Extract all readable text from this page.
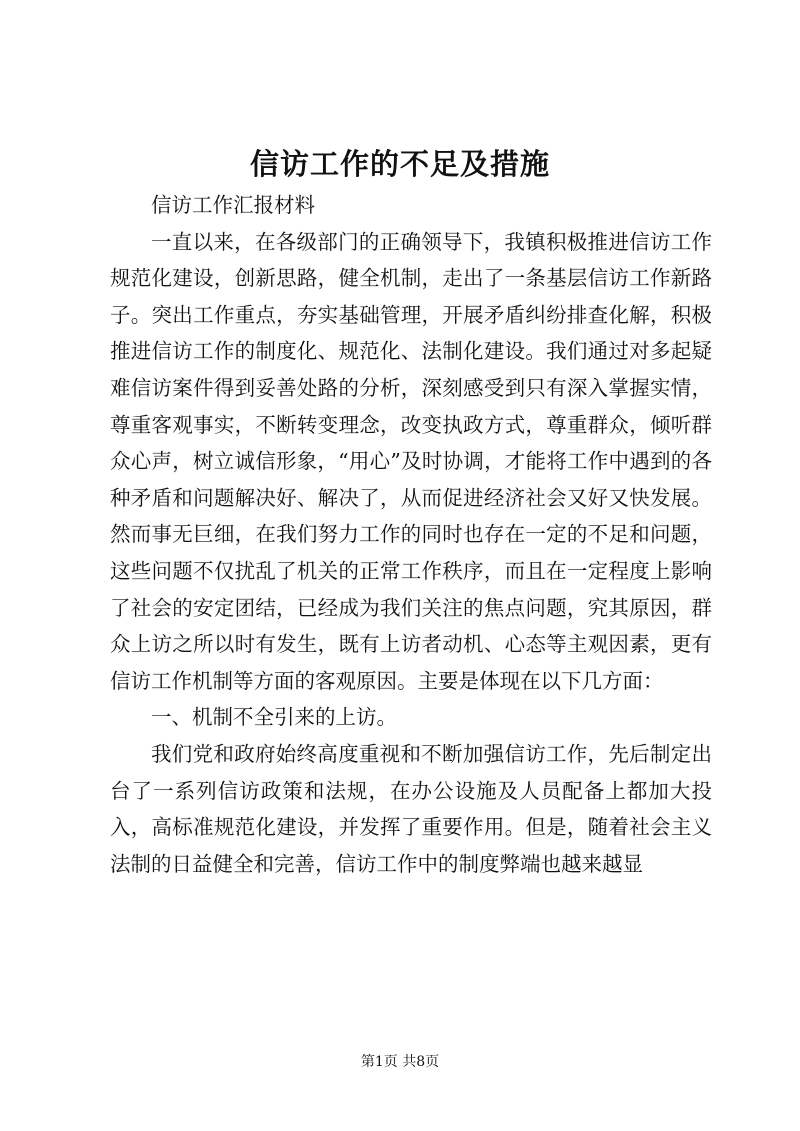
信访工作的不足及措施

信访工作汇报材料

一直以来，在各级部门的正确领导下，我镇积极推进信访工作规范化建设，创新思路，健全机制，走出了一条基层信访工作新路子。突出工作重点，夯实基础管理，开展矛盾纠纷排查化解，积极推进信访工作的制度化、规范化、法制化建设。我们通过对多起疑难信访案件得到妥善处路的分析，深刻感受到只有深入掌握实情，尊重客观事实，不断转变理念，改变执政方式，尊重群众，倾听群众心声，树立诚信形象，“用心”及时协调，才能将工作中遇到的各种矛盾和问题解决好、解决了，从而促进经济社会又好又快发展。然而事无巨细，在我们努力工作的同时也存在一定的不足和问题，这些问题不仅扰乱了机关的正常工作秩序，而且在一定程度上影响了社会的安定团结，已经成为我们关注的焦点问题，究其原因，群众上访之所以时有发生，既有上访者动机、心态等主观因素，更有信访工作机制等方面的客观原因。主要是体现在以下几方面：

一、机制不全引来的上访。

我们党和政府始终高度重视和不断加强信访工作，先后制定出台了一系列信访政策和法规，在办公设施及人员配备上都加大投入，高标准规范化建设，并发挥了重要作用。但是，随着社会主义法制的日益健全和完善，信访工作中的制度弊端也越来越显

第1页 共8页
